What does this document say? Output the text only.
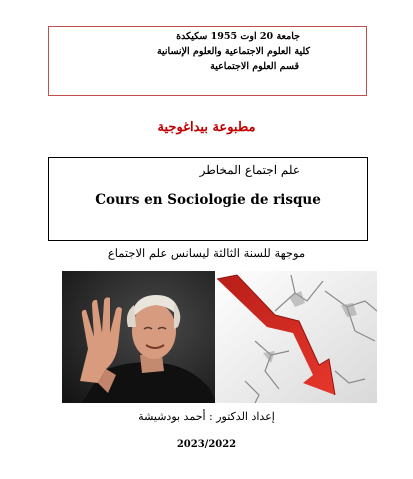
جامعة 20 اوت 1955 سكيكدة
كلية العلوم الاجتماعية والعلوم الإنسانية
قسم العلوم الاجتماعية
مطبوعة بيداغوجية
علم اجتماع المخاطر
Cours en Sociologie de risque
موجهة للسنة الثالثة ليسانس علم الاجتماع
إعداد الدكتور : أحمد بودشيشة
2023/2022
